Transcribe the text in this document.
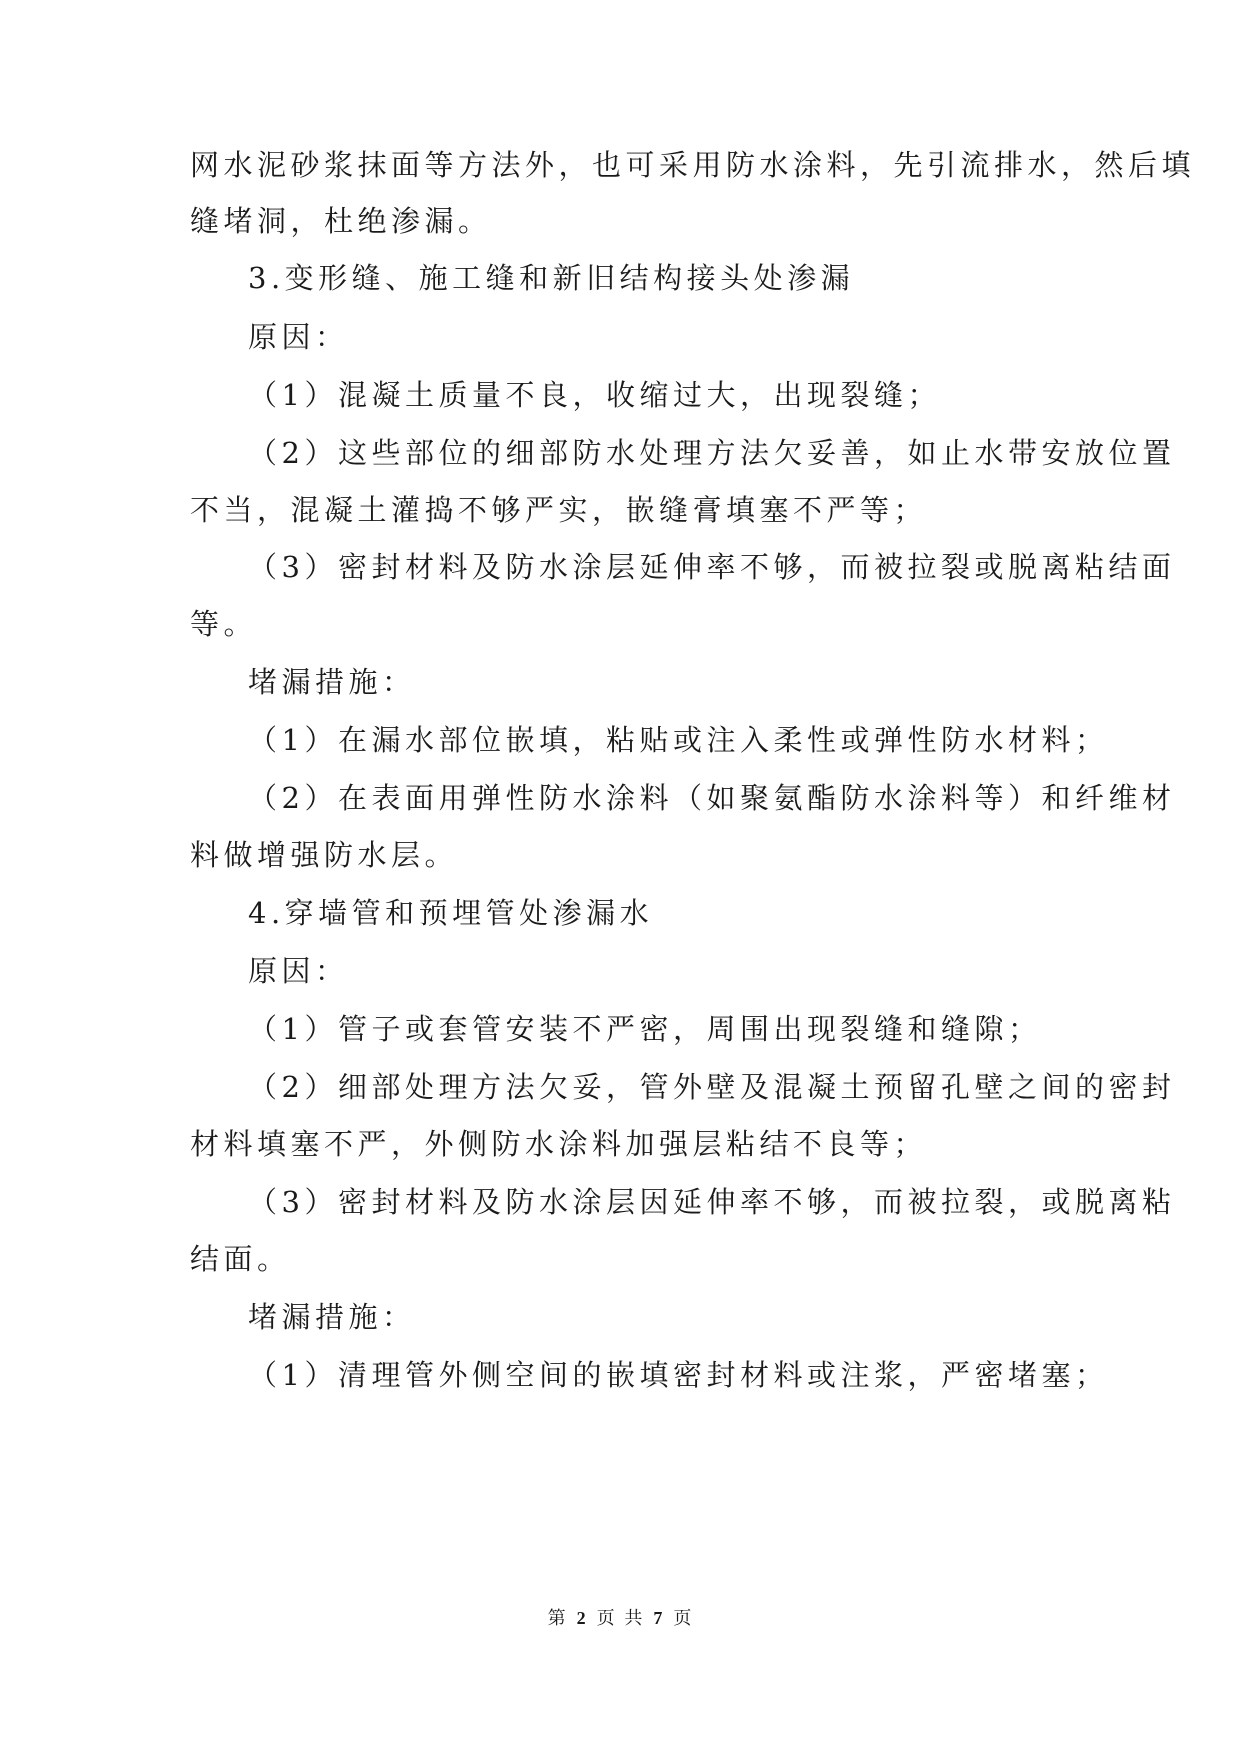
网水泥砂浆抹面等方法外，也可采用防水涂料，先引流排水，然后填
缝堵洞，杜绝渗漏。
3.变形缝、施工缝和新旧结构接头处渗漏
原因：
（1）混凝土质量不良，收缩过大，出现裂缝；
（2）这些部位的细部防水处理方法欠妥善，如止水带安放位置
不当，混凝土灌捣不够严实，嵌缝膏填塞不严等；
（3）密封材料及防水涂层延伸率不够，而被拉裂或脱离粘结面
等。
堵漏措施：
（1）在漏水部位嵌填，粘贴或注入柔性或弹性防水材料；
（2）在表面用弹性防水涂料（如聚氨酯防水涂料等）和纤维材
料做增强防水层。
4.穿墙管和预埋管处渗漏水
原因：
（1）管子或套管安装不严密，周围出现裂缝和缝隙；
（2）细部处理方法欠妥，管外壁及混凝土预留孔壁之间的密封
材料填塞不严，外侧防水涂料加强层粘结不良等；
（3）密封材料及防水涂层因延伸率不够，而被拉裂，或脱离粘
结面。
堵漏措施：
（1）清理管外侧空间的嵌填密封材料或注浆，严密堵塞；
第 2 页 共 7 页
